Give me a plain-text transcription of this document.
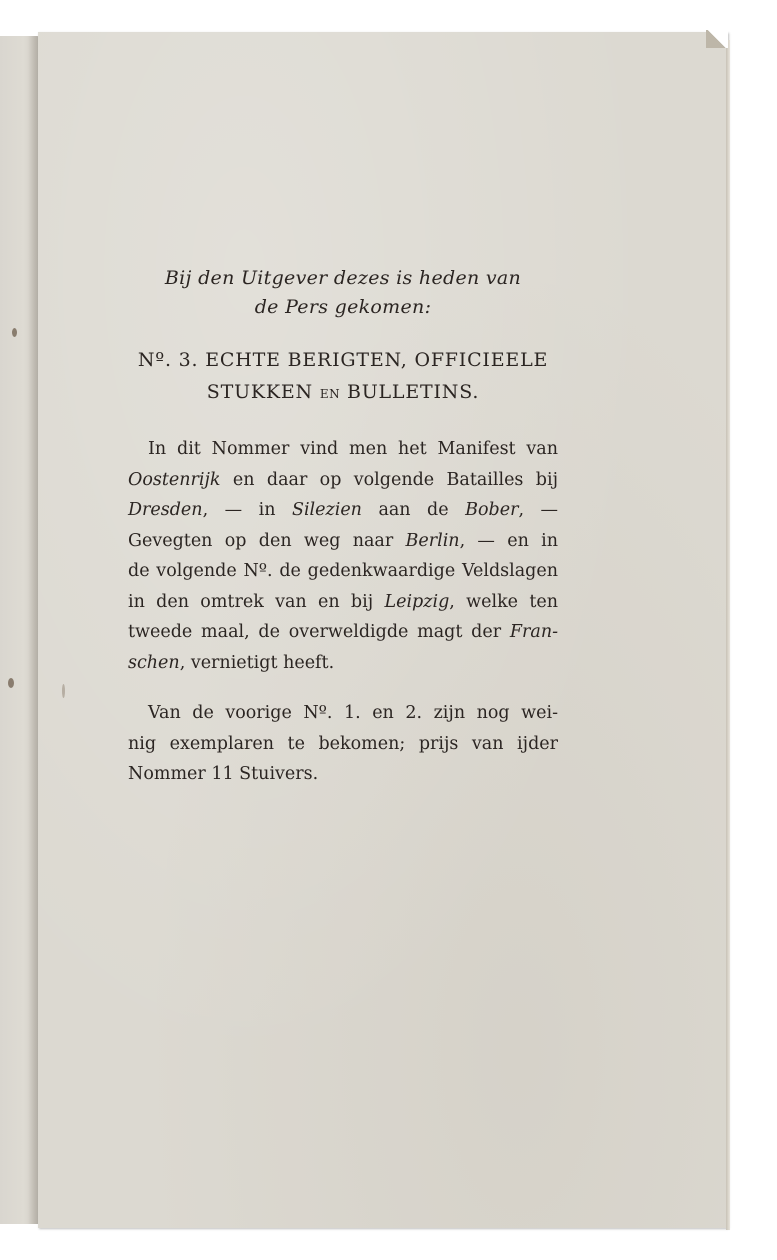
Bij den Uitgever dezes is heden van
de Pers gekomen:

Nº. 3. ECHTE BERIGTEN, OFFICIEELE
STUKKEN EN BULLETINS.

In dit Nommer vind men het Manifest van
Oostenrijk en daar op volgende Batailles bij
Dresden, — in Silezien aan de Bober, —
Gevegten op den weg naar Berlin, — en in
de volgende Nº. de gedenkwaardige Veldslagen
in den omtrek van en bij Leipzig, welke ten
tweede maal, de overweldigde magt der Fran-
schen, vernietigt heeft.

Van de voorige Nº. 1. en 2. zijn nog wei-
nig exemplaren te bekomen; prijs van ijder
Nommer 11 Stuivers.
